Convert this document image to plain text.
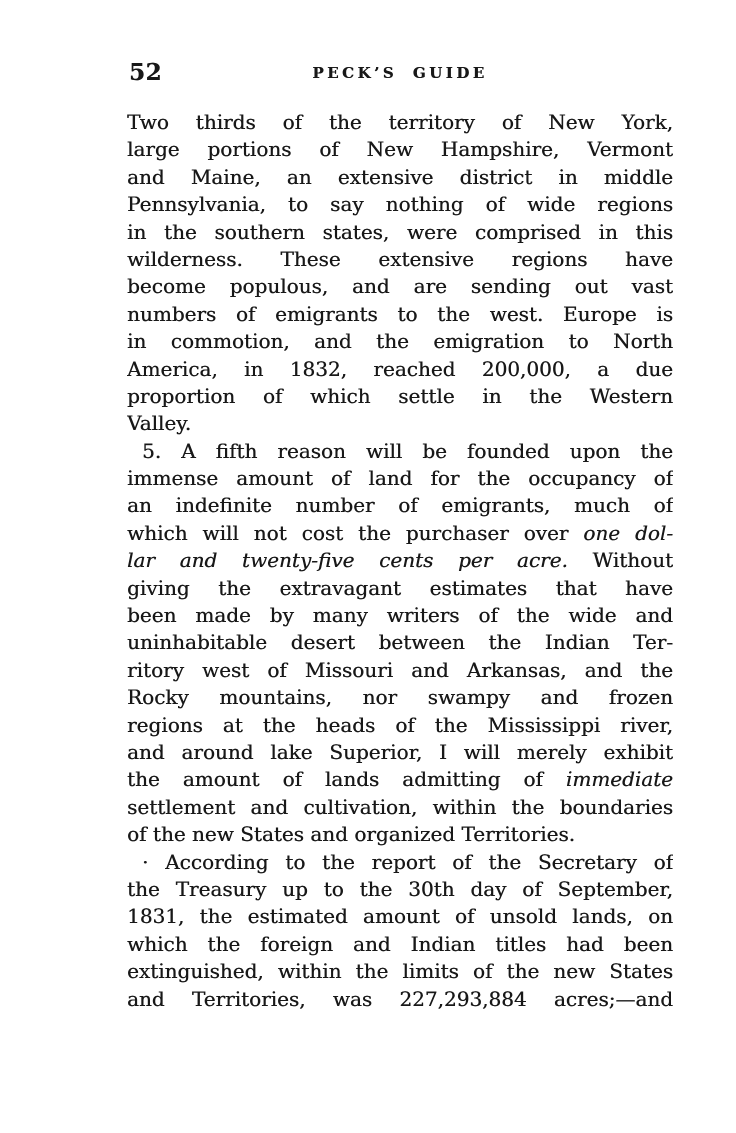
52	PECK’S GUIDE
Two thirds of the territory of New York,
large portions of New Hampshire, Vermont
and Maine, an extensive district in middle
Pennsylvania, to say nothing of wide regions
in the southern states, were comprised in this
wilderness. These extensive regions have
become populous, and are sending out vast
numbers of emigrants to the west. Europe is
in commotion, and the emigration to North
America, in 1832, reached 200,000, a due
proportion of which settle in the Western
Valley.
5. A fifth reason will be founded upon the
immense amount of land for the occupancy of
an indefinite number of emigrants, much of
which will not cost the purchaser over one dol-
lar and twenty-five cents per acre. Without
giving the extravagant estimates that have
been made by many writers of the wide and
uninhabitable desert between the Indian Ter-
ritory west of Missouri and Arkansas, and the
Rocky mountains, nor swampy and frozen
regions at the heads of the Mississippi river,
and around lake Superior, I will merely exhibit
the amount of lands admitting of immediate
settlement and cultivation, within the boundaries
of the new States and organized Territories.
· According to the report of the Secretary of
the Treasury up to the 30th day of September,
1831, the estimated amount of unsold lands, on
which the foreign and Indian titles had been
extinguished, within the limits of the new States
and Territories, was 227,293,884 acres;—and
